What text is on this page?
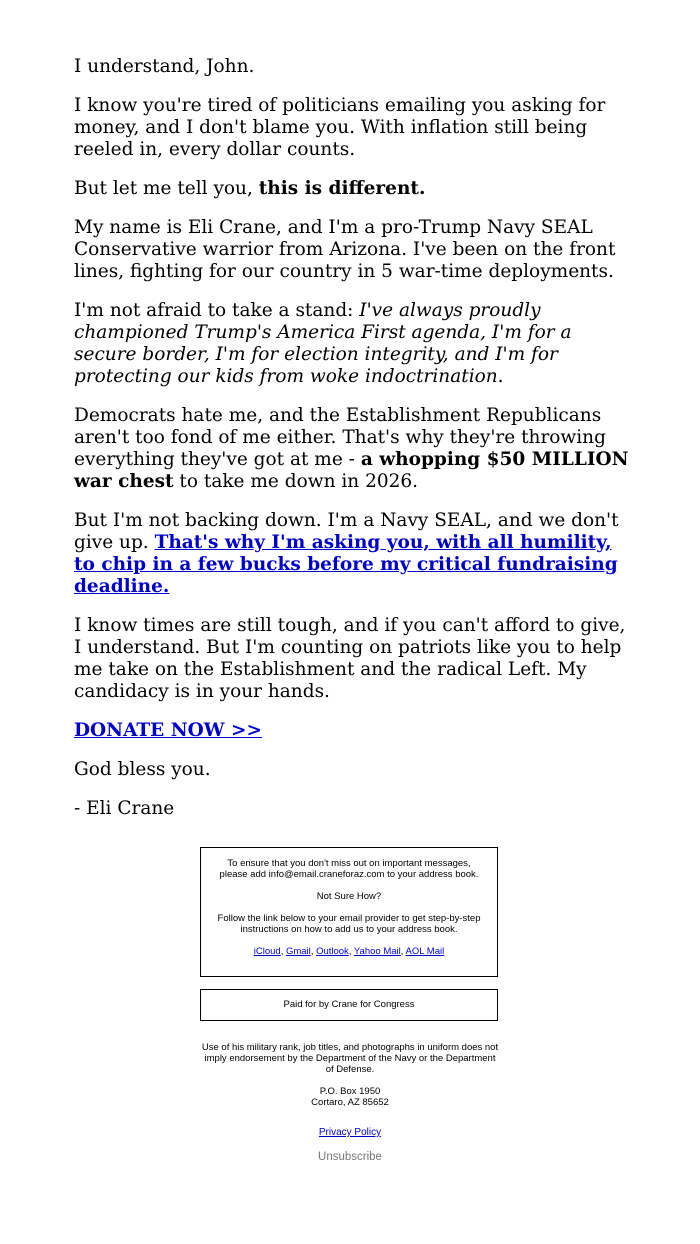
I understand, John.

I know you're tired of politicians emailing you asking for money, and I don't blame you. With inflation still being reeled in, every dollar counts.

But let me tell you, this is different.

My name is Eli Crane, and I'm a pro-Trump Navy SEAL Conservative warrior from Arizona. I've been on the front lines, fighting for our country in 5 war-time deployments.

I'm not afraid to take a stand: I've always proudly championed Trump's America First agenda, I'm for a secure border, I'm for election integrity, and I'm for protecting our kids from woke indoctrination.

Democrats hate me, and the Establishment Republicans aren't too fond of me either. That's why they're throwing everything they've got at me - a whopping $50 MILLION war chest to take me down in 2026.

But I'm not backing down. I'm a Navy SEAL, and we don't give up. That's why I'm asking you, with all humility, to chip in a few bucks before my critical fundraising deadline.

I know times are still tough, and if you can't afford to give, I understand. But I'm counting on patriots like you to help me take on the Establishment and the radical Left. My candidacy is in your hands.

DONATE NOW >>

God bless you.

- Eli Crane

To ensure that you don't miss out on important messages, please add info@email.craneforaz.com to your address book.

Not Sure How?

Follow the link below to your email provider to get step-by-step instructions on how to add us to your address book.

iCloud, Gmail, Outlook, Yahoo Mail, AOL Mail

Paid for by Crane for Congress

Use of his military rank, job titles, and photographs in uniform does not imply endorsement by the Department of the Navy or the Department of Defense.

P.O. Box 1950
Cortaro, AZ 85652

Privacy Policy
Unsubscribe
